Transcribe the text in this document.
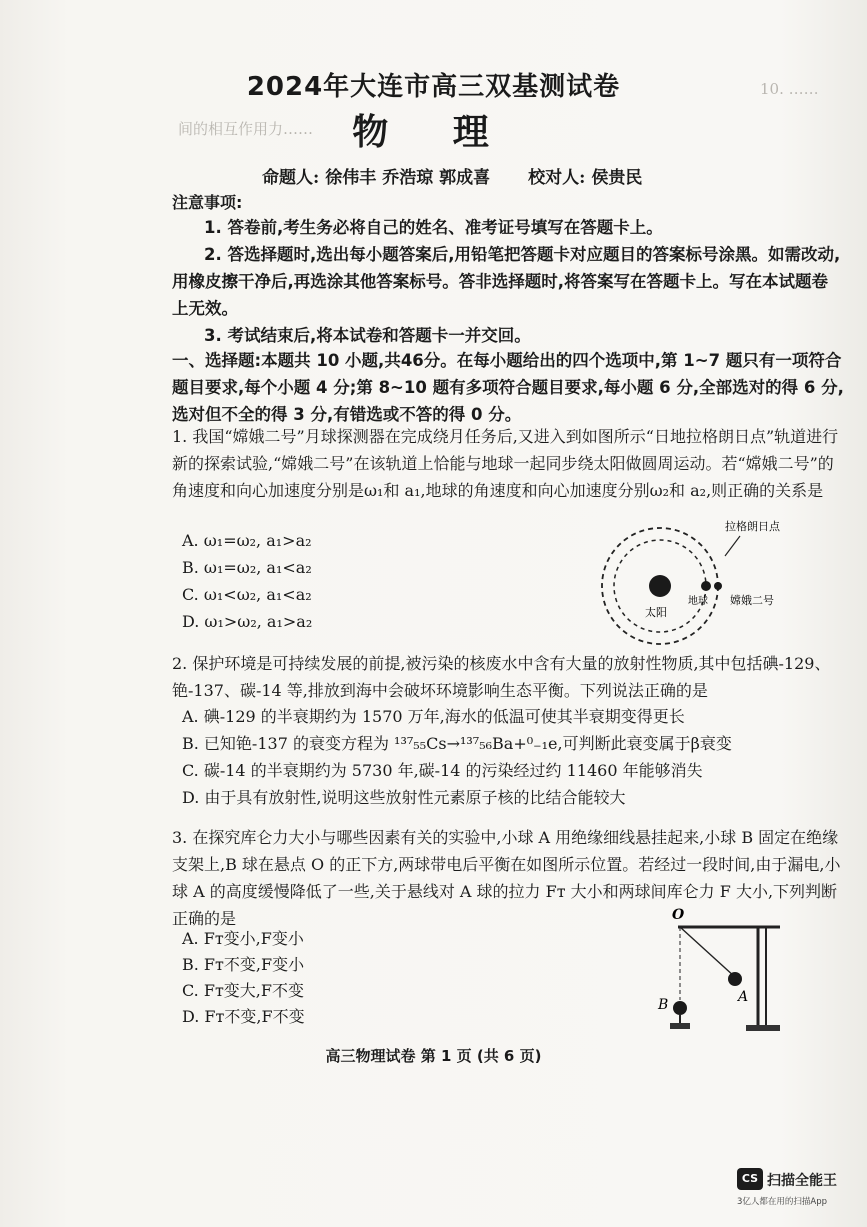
10. ……
间的相互作用力……
2024年大连市高三双基测试卷
物 理
命题人: 徐伟丰 乔浩琼 郭成喜 校对人: 侯贵民
注意事项:
1. 答卷前,考生务必将自己的姓名、准考证号填写在答题卡上。
2. 答选择题时,选出每小题答案后,用铅笔把答题卡对应题目的答案标号涂黑。如需改动,用橡皮擦干净后,再选涂其他答案标号。答非选择题时,将答案写在答题卡上。写在本试题卷上无效。
3. 考试结束后,将本试卷和答题卡一并交回。
一、选择题:本题共 10 小题,共46分。在每小题给出的四个选项中,第 1~7 题只有一项符合题目要求,每个小题 4 分;第 8~10 题有多项符合题目要求,每小题 6 分,全部选对的得 6 分,选对但不全的得 3 分,有错选或不答的得 0 分。
1. 我国“嫦娥二号”月球探测器在完成绕月任务后,又进入到如图所示“日地拉格朗日点”轨道进行新的探索试验,“嫦娥二号”在该轨道上恰能与地球一起同步绕太阳做圆周运动。若“嫦娥二号”的角速度和向心加速度分别是ω₁和 a₁,地球的角速度和向心加速度分别ω₂和 a₂,则正确的关系是
A. ω₁=ω₂, a₁>a₂
B. ω₁=ω₂, a₁<a₂
C. ω₁<ω₂, a₁<a₂
D. ω₁>ω₂, a₁>a₂
拉格朗日点
太阳
地球 嫦娥二号
2. 保护环境是可持续发展的前提,被污染的核废水中含有大量的放射性物质,其中包括碘-129、铯-137、碳-14 等,排放到海中会破坏环境影响生态平衡。下列说法正确的是
A. 碘-129 的半衰期约为 1570 万年,海水的低温可使其半衰期变得更长
B. 已知铯-137 的衰变方程为 ¹³⁷₅₅Cs→¹³⁷₅₆Ba+⁰₋₁e,可判断此衰变属于β衰变
C. 碳-14 的半衰期约为 5730 年,碳-14 的污染经过约 11460 年能够消失
D. 由于具有放射性,说明这些放射性元素原子核的比结合能较大
3. 在探究库仑力大小与哪些因素有关的实验中,小球 A 用绝缘细线悬挂起来,小球 B 固定在绝缘支架上,B 球在悬点 O 的正下方,两球带电后平衡在如图所示位置。若经过一段时间,由于漏电,小球 A 的高度缓慢降低了一些,关于悬线对 A 球的拉力 Fᴛ 大小和两球间库仑力 F 大小,下列判断正确的是
A. Fᴛ变小,F变小
B. Fᴛ不变,F变小
C. Fᴛ变大,F不变
D. Fᴛ不变,F不变
O
A
B
高三物理试卷 第 1 页 (共 6 页)
CS 扫描全能王
3亿人都在用的扫描App
